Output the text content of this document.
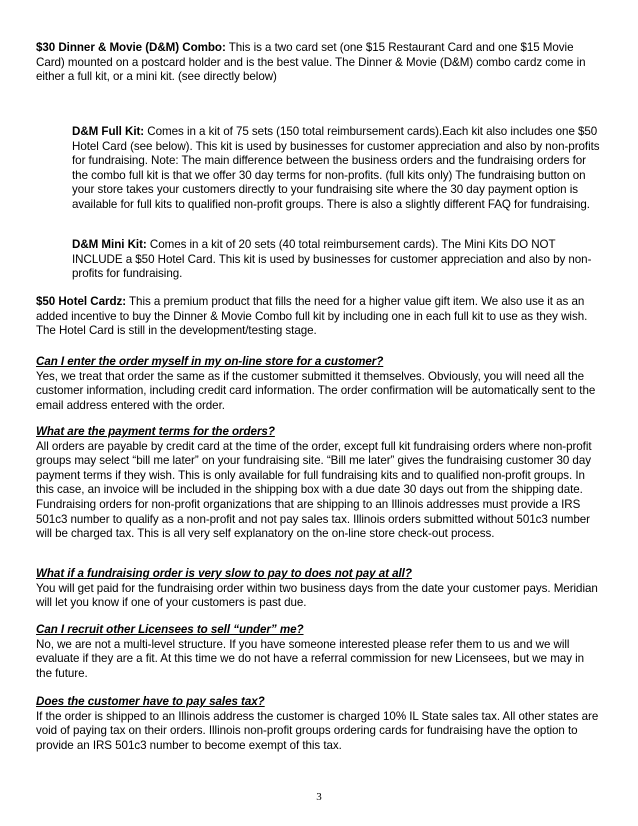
$30 Dinner & Movie (D&M) Combo: This is a two card set (one $15 Restaurant Card and one $15 Movie Card) mounted on a postcard holder and is the best value. The Dinner & Movie (D&M) combo cardz come in either a full kit, or a mini kit. (see directly below)

D&M Full Kit: Comes in a kit of 75 sets (150 total reimbursement cards).Each kit also includes one $50 Hotel Card (see below). This kit is used by businesses for customer appreciation and also by non-profits for fundraising. Note: The main difference between the business orders and the fundraising orders for the combo full kit is that we offer 30 day terms for non-profits. (full kits only) The fundraising button on your store takes your customers directly to your fundraising site where the 30 day payment option is available for full kits to qualified non-profit groups. There is also a slightly different FAQ for fundraising.

D&M Mini Kit: Comes in a kit of 20 sets (40 total reimbursement cards). The Mini Kits DO NOT INCLUDE a $50 Hotel Card. This kit is used by businesses for customer appreciation and also by non-profits for fundraising.

$50 Hotel Cardz: This a premium product that fills the need for a higher value gift item. We also use it as an added incentive to buy the Dinner & Movie Combo full kit by including one in each full kit to use as they wish. The Hotel Card is still in the development/testing stage.

Can I enter the order myself in my on-line store for a customer?

Yes, we treat that order the same as if the customer submitted it themselves. Obviously, you will need all the customer information, including credit card information. The order confirmation will be automatically sent to the email address entered with the order.

What are the payment terms for the orders?

All orders are payable by credit card at the time of the order, except full kit fundraising orders where non-profit groups may select “bill me later” on your fundraising site. “Bill me later” gives the fundraising customer 30 day payment terms if they wish. This is only available for full fundraising kits and to qualified non-profit groups. In this case, an invoice will be included in the shipping box with a due date 30 days out from the shipping date. Fundraising orders for non-profit organizations that are shipping to an Illinois addresses must provide a IRS 501c3 number to qualify as a non-profit and not pay sales tax. Illinois orders submitted without 501c3 number will be charged tax. This is all very self explanatory on the on-line store check-out process.

What if a fundraising order is very slow to pay to does not pay at all?

You will get paid for the fundraising order within two business days from the date your customer pays. Meridian will let you know if one of your customers is past due.

Can I recruit other Licensees to sell “under” me?

No, we are not a multi-level structure. If you have someone interested please refer them to us and we will evaluate if they are a fit. At this time we do not have a referral commission for new Licensees, but we may in the future.

Does the customer have to pay sales tax?

If the order is shipped to an Illinois address the customer is charged 10% IL State sales tax. All other states are void of paying tax on their orders. Illinois non-profit groups ordering cards for fundraising have the option to provide an IRS 501c3 number to become exempt of this tax.

3
